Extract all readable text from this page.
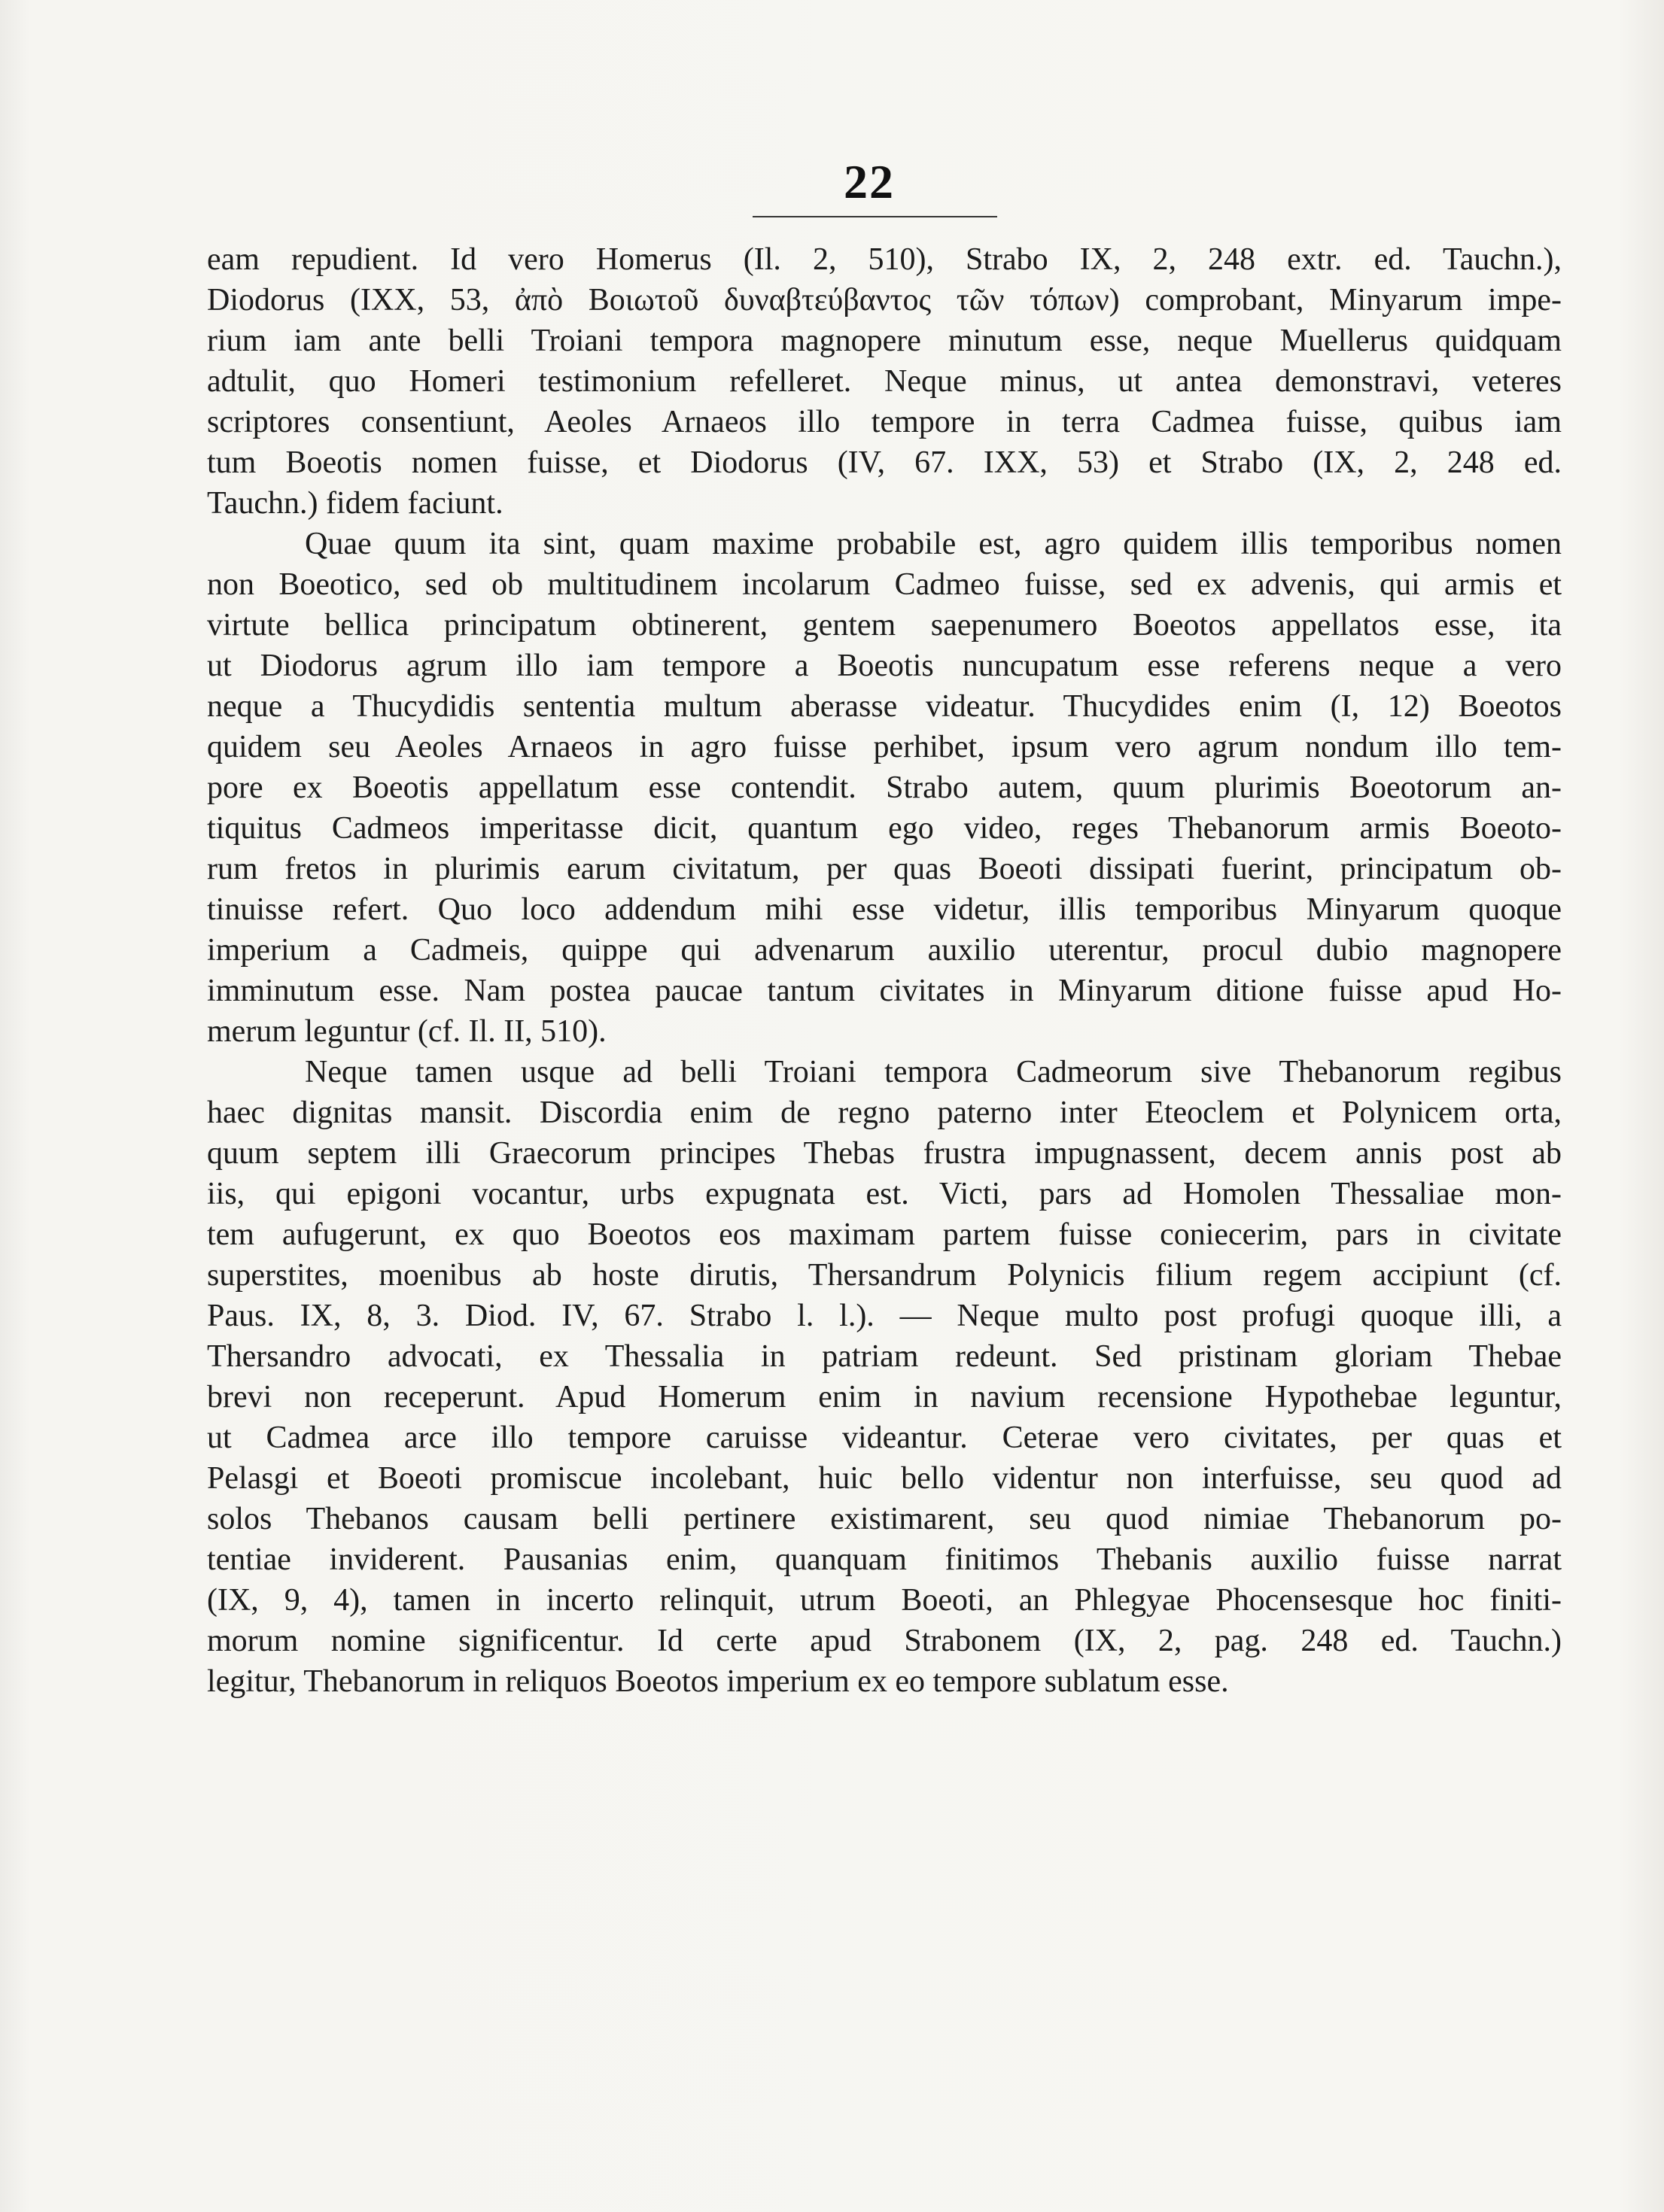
22
eam repudient. Id vero Homerus (Il. 2, 510), Strabo IX, 2, 248 extr. ed. Tauchn.),
Diodorus (IXX, 53, ἀπὸ Βοιωτοῦ δυναβτεύβαντος τῶν τόπων) comprobant, Minyarum impe-
rium iam ante belli Troiani tempora magnopere minutum esse, neque Muellerus quidquam
adtulit, quo Homeri testimonium refelleret. Neque minus, ut antea demonstravi, veteres
scriptores consentiunt, Aeoles Arnaeos illo tempore in terra Cadmea fuisse, quibus iam
tum Boeotis nomen fuisse, et Diodorus (IV, 67. IXX, 53) et Strabo (IX, 2, 248 ed.
Tauchn.) fidem faciunt.
Quae quum ita sint, quam maxime probabile est, agro quidem illis temporibus nomen
non Boeotico, sed ob multitudinem incolarum Cadmeo fuisse, sed ex advenis, qui armis et
virtute bellica principatum obtinerent, gentem saepenumero Boeotos appellatos esse, ita
ut Diodorus agrum illo iam tempore a Boeotis nuncupatum esse referens neque a vero
neque a Thucydidis sententia multum aberasse videatur. Thucydides enim (I, 12) Boeotos
quidem seu Aeoles Arnaeos in agro fuisse perhibet, ipsum vero agrum nondum illo tem-
pore ex Boeotis appellatum esse contendit. Strabo autem, quum plurimis Boeotorum an-
tiquitus Cadmeos imperitasse dicit, quantum ego video, reges Thebanorum armis Boeoto-
rum fretos in plurimis earum civitatum, per quas Boeoti dissipati fuerint, principatum ob-
tinuisse refert. Quo loco addendum mihi esse videtur, illis temporibus Minyarum quoque
imperium a Cadmeis, quippe qui advenarum auxilio uterentur, procul dubio magnopere
imminutum esse. Nam postea paucae tantum civitates in Minyarum ditione fuisse apud Ho-
merum leguntur (cf. Il. II, 510).
Neque tamen usque ad belli Troiani tempora Cadmeorum sive Thebanorum regibus
haec dignitas mansit. Discordia enim de regno paterno inter Eteoclem et Polynicem orta,
quum septem illi Graecorum principes Thebas frustra impugnassent, decem annis post ab
iis, qui epigoni vocantur, urbs expugnata est. Victi, pars ad Homolen Thessaliae mon-
tem aufugerunt, ex quo Boeotos eos maximam partem fuisse coniecerim, pars in civitate
superstites, moenibus ab hoste dirutis, Thersandrum Polynicis filium regem accipiunt (cf.
Paus. IX, 8, 3. Diod. IV, 67. Strabo l. l.). — Neque multo post profugi quoque illi, a
Thersandro advocati, ex Thessalia in patriam redeunt. Sed pristinam gloriam Thebae
brevi non receperunt. Apud Homerum enim in navium recensione Hypothebae leguntur,
ut Cadmea arce illo tempore caruisse videantur. Ceterae vero civitates, per quas et
Pelasgi et Boeoti promiscue incolebant, huic bello videntur non interfuisse, seu quod ad
solos Thebanos causam belli pertinere existimarent, seu quod nimiae Thebanorum po-
tentiae inviderent. Pausanias enim, quanquam finitimos Thebanis auxilio fuisse narrat
(IX, 9, 4), tamen in incerto relinquit, utrum Boeoti, an Phlegyae Phocensesque hoc finiti-
morum nomine significentur. Id certe apud Strabonem (IX, 2, pag. 248 ed. Tauchn.)
legitur, Thebanorum in reliquos Boeotos imperium ex eo tempore sublatum esse.
